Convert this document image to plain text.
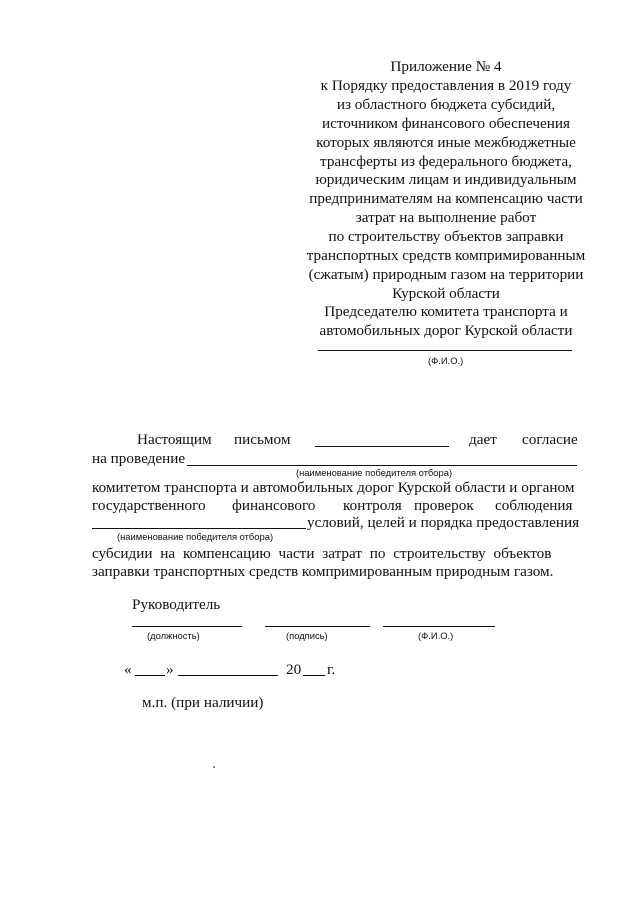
Приложение № 4
к Порядку предоставления в 2019 году
из областного бюджета субсидий,
источником финансового обеспечения
которых являются иные межбюджетные
трансферты из федерального бюджета,
юридическим лицам и индивидуальным
предпринимателям на компенсацию части
затрат на выполнение работ
по строительству объектов заправки
транспортных средств компримированным
(сжатым) природным газом на территории
Курской области
Председателю комитета транспорта и
автомобильных дорог Курской области
(Ф.И.О.)
Настоящим письмом	дает согласие
на проведение
(наименование победителя отбора)
комитетом транспорта и автомобильных дорог Курской области и органом
государственного финансового контроля проверок соблюдения
условий, целей и порядка предоставления
(наименование победителя отбора)
субсидии на компенсацию части затрат по строительству объектов
заправки транспортных средств компримированным природным газом.
Руководитель
(должность)	(подпись)	(Ф.И.О.)
« »	20 г.
м.п. (при наличии)
